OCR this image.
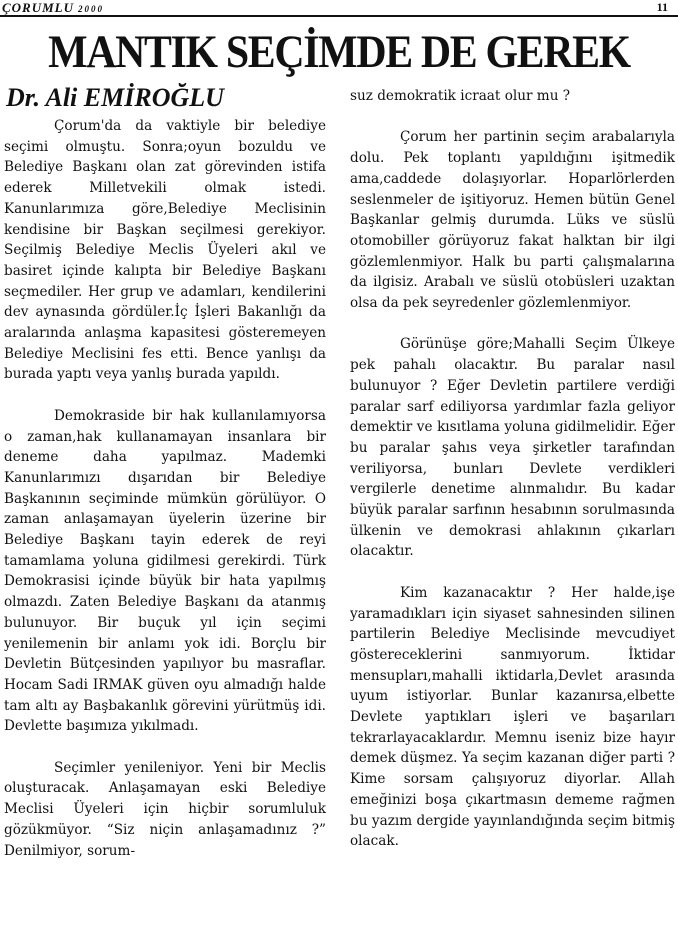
ÇORUMLU 2000	11
MANTIK SEÇİMDE DE GEREK
Dr. Ali EMİROĞLU

Çorum'da da vaktiyle bir belediye seçimi olmuştu. Sonra;oyun bozuldu ve Belediye Başkanı olan zat görevinden istifa ederek Milletvekili olmak istedi. Kanunlarımıza göre,Belediye Meclisinin kendisine bir Başkan seçilmesi gerekiyor. Seçilmiş Belediye Meclis Üyeleri akıl ve basiret içinde kalıpta bir Belediye Başkanı seçmediler. Her grup ve adamları, kendilerini dev aynasında gördüler.İç İşleri Bakanlığı da aralarında anlaşma kapasitesi gösteremeyen Belediye Meclisini fes etti. Bence yanlışı da burada yaptı veya yanlış burada yapıldı.

Demokraside bir hak kullanılamıyorsa o zaman,hak kullanamayan insanlara bir deneme daha yapılmaz. Mademki Kanunlarımızı dışarıdan bir Belediye Başkanının seçiminde mümkün görülüyor. O zaman anlaşamayan üyelerin üzerine bir Belediye Başkanı tayin ederek de reyi tamamlama yoluna gidilmesi gerekirdi. Türk Demokrasisi içinde büyük bir hata yapılmış olmazdı. Zaten Belediye Başkanı da atanmış bulunuyor. Bir buçuk yıl için seçimi yenilemenin bir anlamı yok idi. Borçlu bir Devletin Bütçesinden yapılıyor bu masraflar. Hocam Sadi IRMAK güven oyu almadığı halde tam altı ay Başbakanlık görevini yürütmüş idi. Devlette başımıza yıkılmadı.

Seçimler yenileniyor. Yeni bir Meclis oluşturacak. Anlaşamayan eski Belediye Meclisi Üyeleri için hiçbir sorumluluk gözükmüyor. “Siz niçin anlaşamadınız ?” Denilmiyor, sorum-

suz demokratik icraat olur mu ?

Çorum her partinin seçim arabalarıyla dolu. Pek toplantı yapıldığını işitmedik ama,caddede dolaşıyorlar. Hoparlörlerden seslenmeler de işitiyoruz. Hemen bütün Genel Başkanlar gelmiş durumda. Lüks ve süslü otomobiller görüyoruz fakat halktan bir ilgi gözlemlenmiyor. Halk bu parti çalışmalarına da ilgisiz. Arabalı ve süslü otobüsleri uzaktan olsa da pek seyredenler gözlemlenmiyor.

Görünüşe göre;Mahalli Seçim Ülkeye pek pahalı olacaktır. Bu paralar nasıl bulunuyor ? Eğer Devletin partilere verdiği paralar sarf ediliyorsa yardımlar fazla geliyor demektir ve kısıtlama yoluna gidilmelidir. Eğer bu paralar şahıs veya şirketler tarafından veriliyorsa, bunları Devlete verdikleri vergilerle denetime alınmalıdır. Bu kadar büyük paralar sarfının hesabının sorulmasında ülkenin ve demokrasi ahlakının çıkarları olacaktır.

Kim kazanacaktır ? Her halde,işe yaramadıkları için siyaset sahnesinden silinen partilerin Belediye Meclisinde mevcudiyet göstereceklerini sanmıyorum. İktidar mensupları,mahalli iktidarla,Devlet arasında uyum istiyorlar. Bunlar kazanırsa,elbette Devlete yaptıkları işleri ve başarıları tekrarlayacaklardır. Memnu iseniz bize hayır demek düşmez. Ya seçim kazanan diğer parti ? Kime sorsam çalışıyoruz diyorlar. Allah emeğinizi boşa çıkartmasın dememe rağmen bu yazım dergide yayınlandığında seçim bitmiş olacak.
